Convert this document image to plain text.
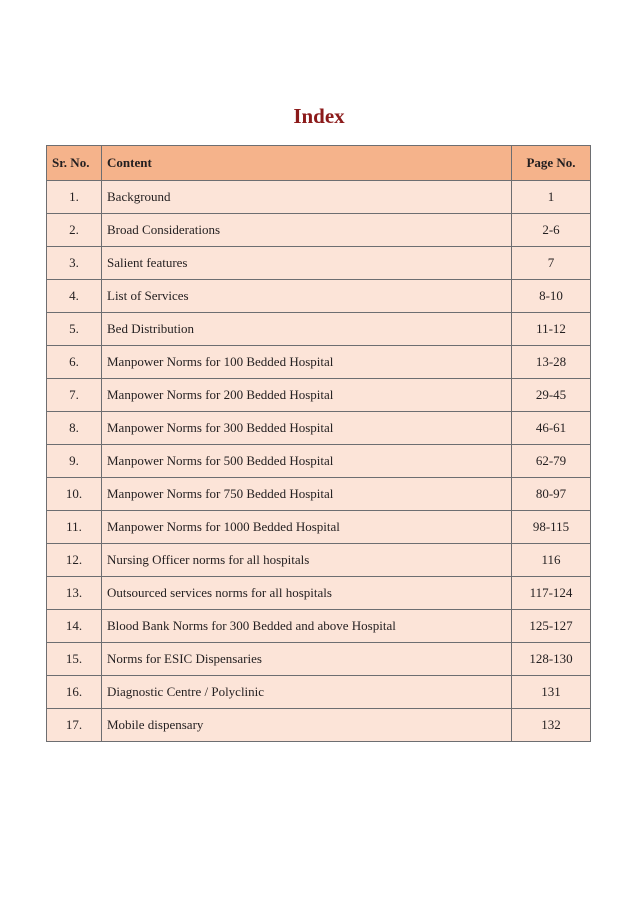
Index
Sr. No.	Content	Page No.
1.	Background	1
2.	Broad Considerations	2-6
3.	Salient features	7
4.	List of Services	8-10
5.	Bed Distribution	11-12
6.	Manpower Norms for 100 Bedded Hospital	13-28
7.	Manpower Norms for 200 Bedded Hospital	29-45
8.	Manpower Norms for 300 Bedded Hospital	46-61
9.	Manpower Norms for 500 Bedded Hospital	62-79
10.	Manpower Norms for 750 Bedded Hospital	80-97
11.	Manpower Norms for 1000 Bedded Hospital	98-115
12.	Nursing Officer norms for all hospitals	116
13.	Outsourced services norms for all hospitals	117-124
14.	Blood Bank Norms for 300 Bedded and above Hospital	125-127
15.	Norms for ESIC Dispensaries	128-130
16.	Diagnostic Centre / Polyclinic	131
17.	Mobile dispensary	132
